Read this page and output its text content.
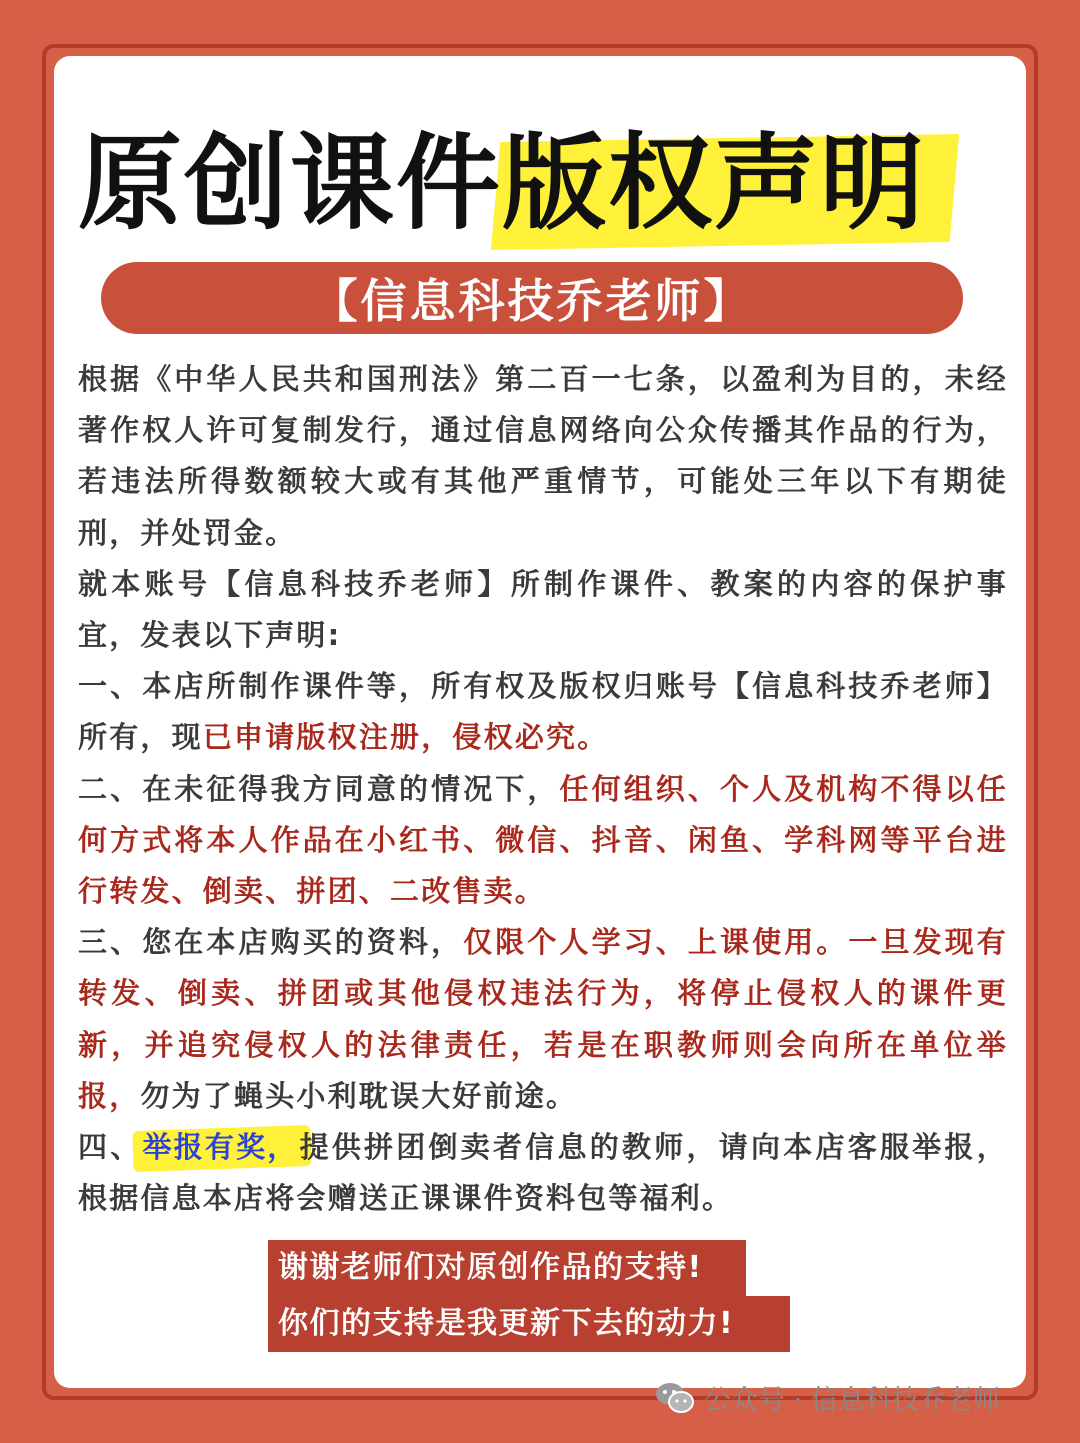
原创课件版权声明
【信息科技乔老师】

根据《中华人民共和国刑法》第二百一七条，以盈利为目的，未经著作权人许可复制发行，通过信息网络向公众传播其作品的行为，若违法所得数额较大或有其他严重情节，可能处三年以下有期徒刑，并处罚金。

就本账号【信息科技乔老师】所制作课件、教案的内容的保护事宜，发表以下声明:

一、本店所制作课件等，所有权及版权归账号【信息科技乔老师】所有，现已申请版权注册，侵权必究。

二、在未征得我方同意的情况下，任何组织、个人及机构不得以任何方式将本人作品在小红书、微信、抖音、闲鱼、学科网等平台进行转发、倒卖、拼团、二改售卖。

三、您在本店购买的资料，仅限个人学习、上课使用。一旦发现有转发、倒卖、拼团或其他侵权违法行为，将停止侵权人的课件更新，并追究侵权人的法律责任，若是在职教师则会向所在单位举报，勿为了蝇头小利耽误大好前途。

四、举报有奖，提供拼团倒卖者信息的教师，请向本店客服举报，根据信息本店将会赠送正课课件资料包等福利。

谢谢老师们对原创作品的支持!
你们的支持是我更新下去的动力!
公众号 · 信息科技乔老师
